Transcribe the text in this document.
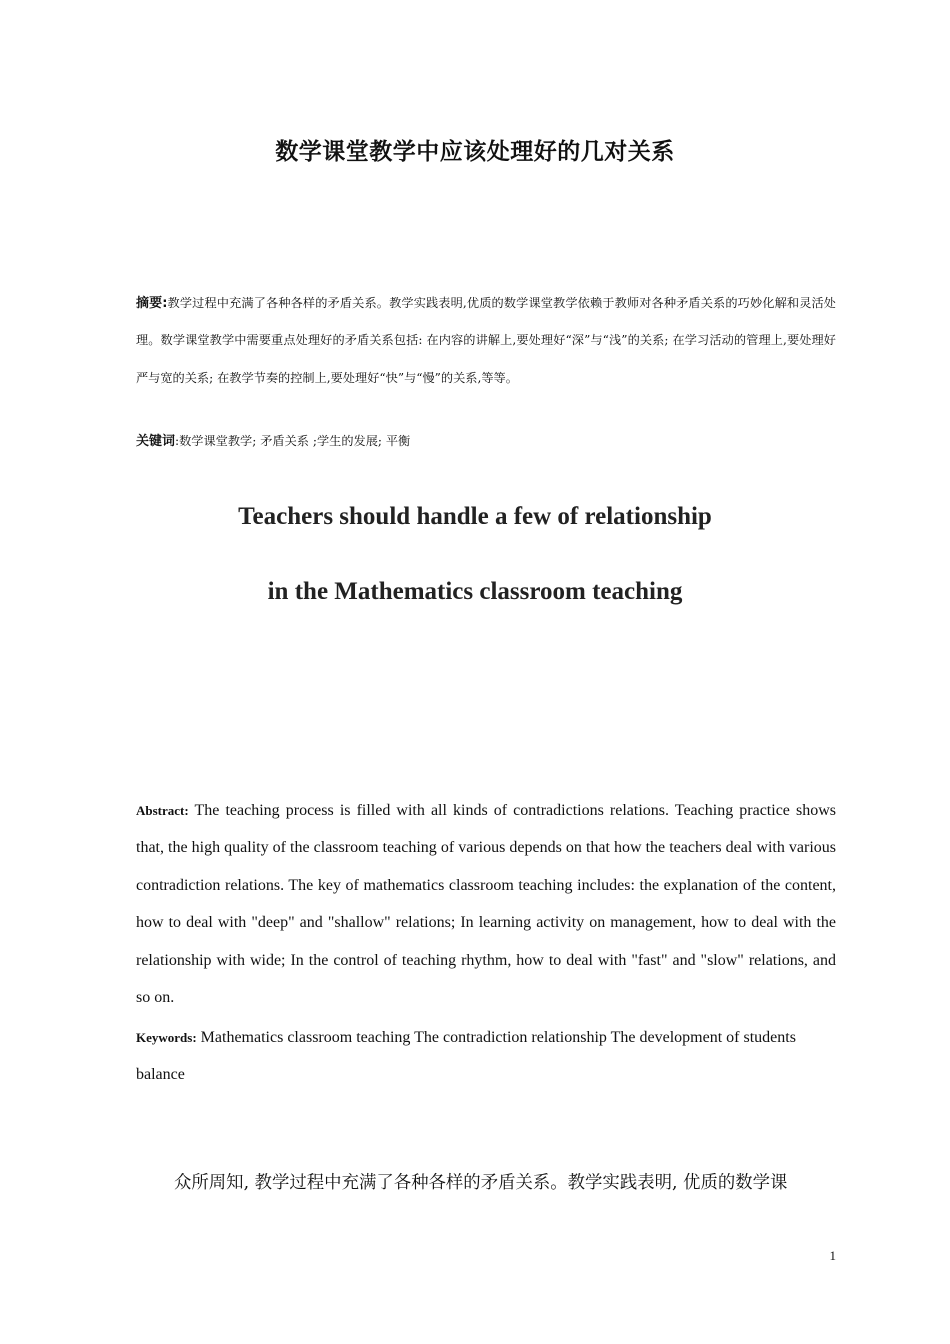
数学课堂教学中应该处理好的几对关系
摘要:教学过程中充满了各种各样的矛盾关系。教学实践表明,优质的数学课堂教学依赖于教师对各种矛盾关系的巧妙化解和灵活处理。数学课堂教学中需要重点处理好的矛盾关系包括: 在内容的讲解上,要处理好“深”与“浅”的关系; 在学习活动的管理上,要处理好严与宽的关系; 在教学节奏的控制上,要处理好“快”与“慢”的关系,等等。
关键词:数学课堂教学; 矛盾关系 ;学生的发展; 平衡
Teachers should handle a few of relationship
in the Mathematics classroom teaching
Abstract: The teaching process is filled with all kinds of contradictions relations. Teaching practice shows that, the high quality of the classroom teaching of various depends on that how the teachers deal with various contradiction relations. The key of mathematics classroom teaching includes: the explanation of the content, how to deal with "deep" and "shallow" relations; In learning activity on management, how to deal with the relationship with wide; In the control of teaching rhythm, how to deal with "fast" and "slow" relations, and so on.
Keywords: Mathematics classroom teaching The contradiction relationship The development of students balance
众所周知, 教学过程中充满了各种各样的矛盾关系。教学实践表明, 优质的数学课
1
